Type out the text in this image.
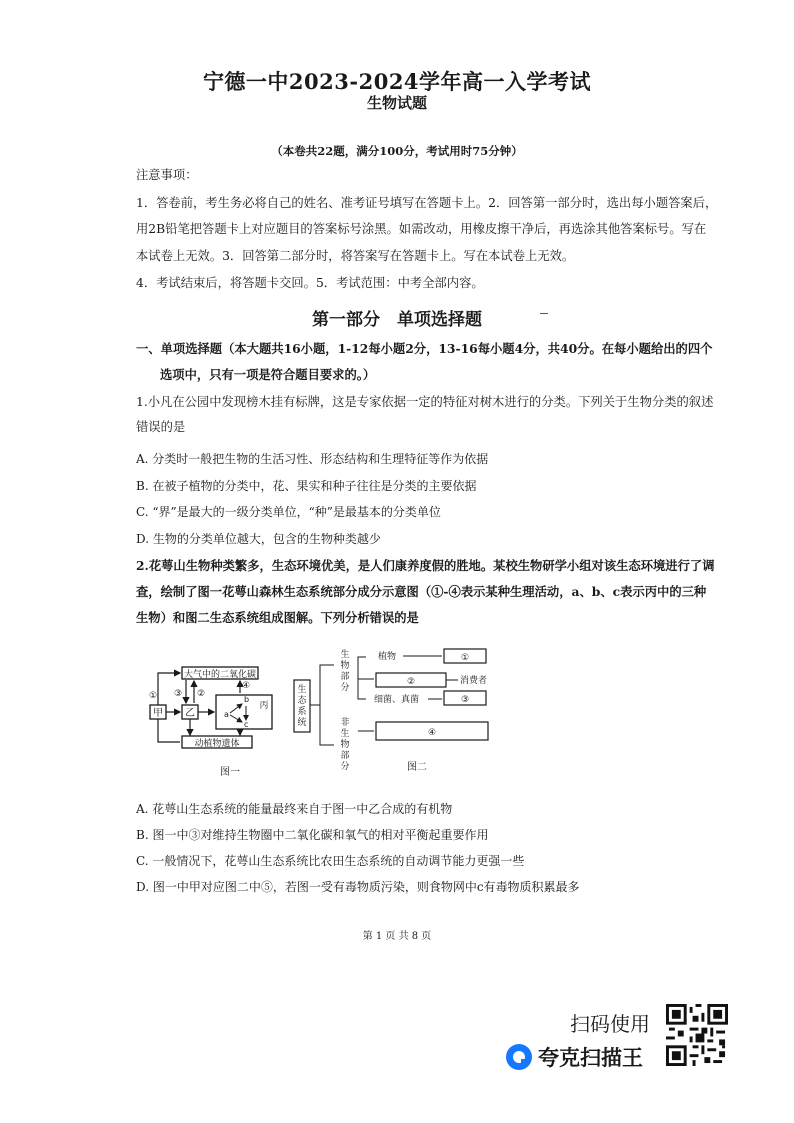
宁德一中2023-2024学年高一入学考试
生物试题
（本卷共22题，满分100分，考试用时75分钟）
注意事项：
1．答卷前，考生务必将自己的姓名、准考证号填写在答题卡上。2．回答第一部分时，选出每小题答案后，
用2B铅笔把答题卡上对应题目的答案标号涂黑。如需改动，用橡皮擦干净后，再选涂其他答案标号。写在
本试卷上无效。3．回答第二部分时，将答案写在答题卡上。写在本试卷上无效。
4．考试结束后，将答题卡交回。5．考试范围：中考全部内容。
第一部分　单项选择题
一、单项选择题（本大题共16小题，1-12每小题2分，13-16每小题4分，共40分。在每小题给出的四个
选项中，只有一项是符合题目要求的。）
1.小凡在公园中发现榜木挂有标牌，这是专家依据一定的特征对树木进行的分类。下列关于生物分类的叙述
错误的是
A. 分类时一般把生物的生活习性、形态结构和生理特征等作为依据
B. 在被子植物的分类中，花、果实和种子往往是分类的主要依据
C. “界”是最大的一级分类单位，“种”是最基本的分类单位
D. 生物的分类单位越大，包含的生物种类越少
2.花萼山生物种类繁多，生态环境优美，是人们康养度假的胜地。某校生物研学小组对该生态环境进行了调
查，绘制了图一花萼山森林生态系统部分成分示意图（①-④表示某种生理活动，a、b、c表示丙中的三种
生物）和图二生态系统组成图解。下列分析错误的是
大气中的二氧化碳
动植物遗体
甲 乙
丙
a
b
c
①	②
③
④
图一
生
态
系
统
生
物
部
分
非
生
物
部
分
植物	①
②	消费者
细菌、真菌	③
④
图二
A. 花萼山生态系统的能量最终来自于图一中乙合成的有机物
B. 图一中③对维持生物圈中二氧化碳和氧气的相对平衡起重要作用
C. 一般情况下，花萼山生态系统比农田生态系统的自动调节能力更强一些
D. 图一中甲对应图二中⑤，若图一受有毒物质污染，则食物网中c有毒物质积累最多
第 1 页 共 8 页
扫码使用
夸克扫描王
